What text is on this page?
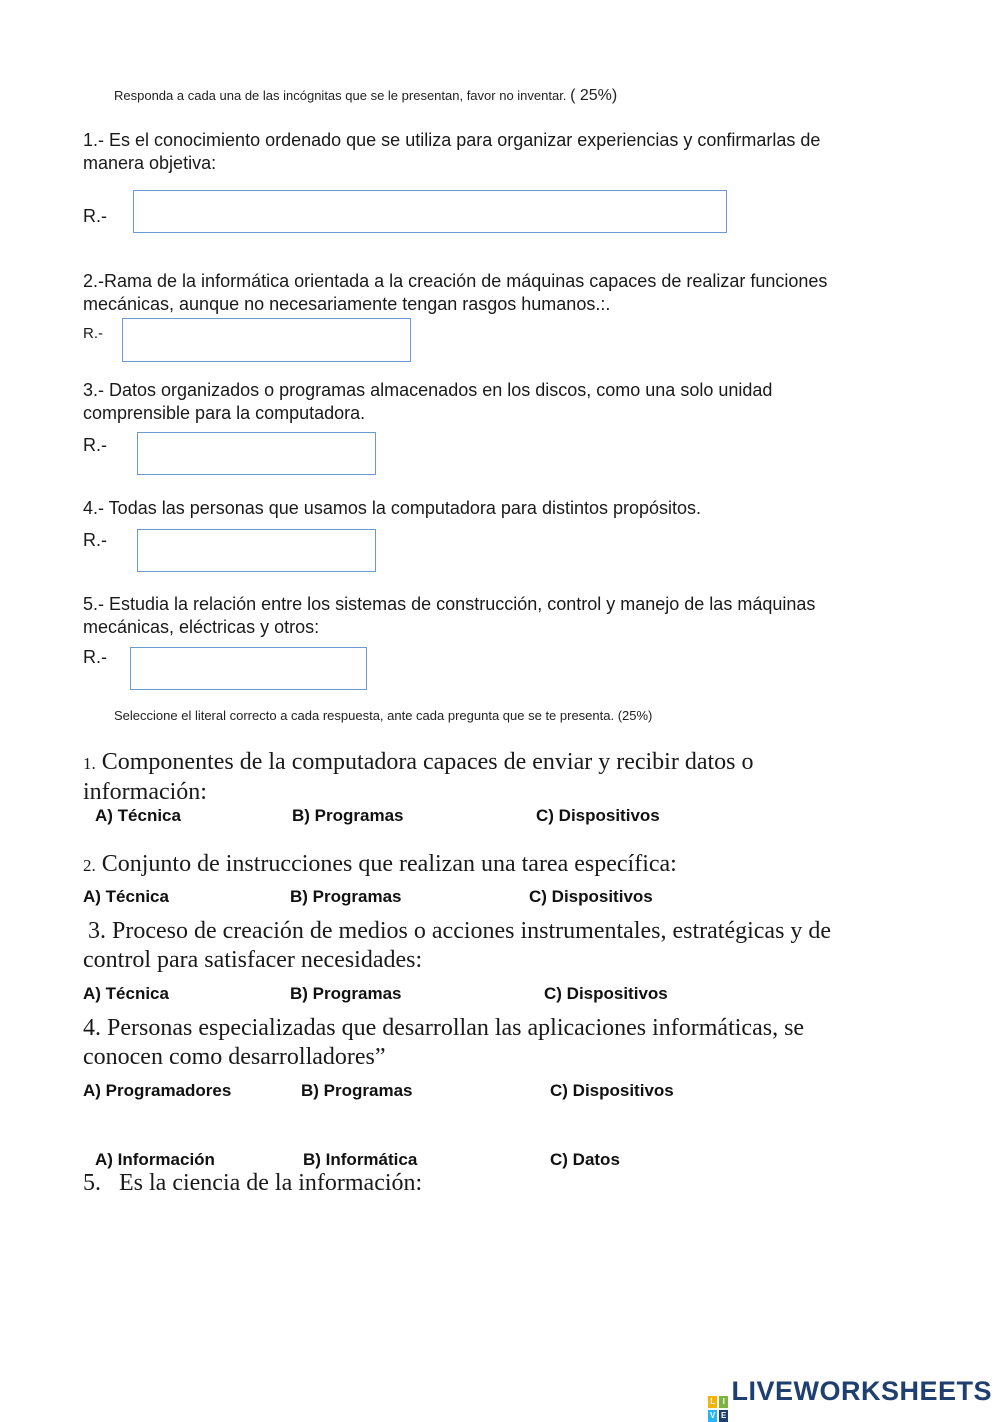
Responda a cada una de las incógnitas que se le presentan, favor no inventar. ( 25%)
1.- Es el conocimiento ordenado que se utiliza para organizar experiencias y confirmarlas de
manera objetiva:
R.-
2.-Rama de la informática orientada a la creación de máquinas capaces de realizar funciones
mecánicas, aunque no necesariamente tengan rasgos humanos.:.
R.-
3.- Datos organizados o programas almacenados en los discos, como una solo unidad
comprensible para la computadora.
R.-
4.- Todas las personas que usamos la computadora para distintos propósitos.
R.-
5.- Estudia la relación entre los sistemas de construcción, control y manejo de las máquinas
mecánicas, eléctricas y otros:
R.-
Seleccione el literal correcto a cada respuesta, ante cada pregunta que se te presenta. (25%)
1. Componentes de la computadora capaces de enviar y recibir datos o
información:
A) Técnica	B) Programas	C) Dispositivos
2. Conjunto de instrucciones que realizan una tarea específica:
A) Técnica	B) Programas	C) Dispositivos
3. Proceso de creación de medios o acciones instrumentales, estratégicas y de
control para satisfacer necesidades:
A) Técnica	B) Programas	C) Dispositivos
4. Personas especializadas que desarrollan las aplicaciones informáticas, se
conocen como desarrolladores”
A) Programadores	B) Programas	C) Dispositivos

5.   Es la ciencia de la información:

A) Información	B) Informática	C) Datos
L I
V E
LIVEWORKSHEETS
